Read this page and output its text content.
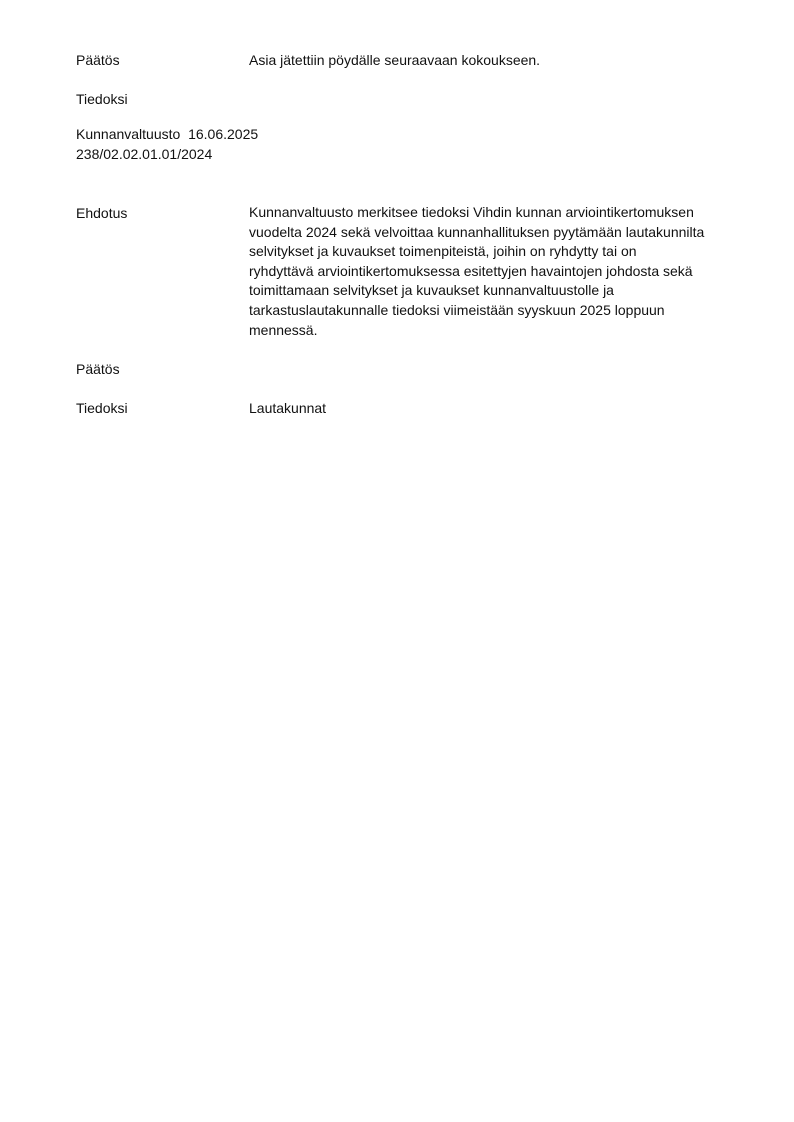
Päätös	Asia jätettiin pöydälle seuraavaan kokoukseen.
Tiedoksi
Kunnanvaltuusto  16.06.2025
238/02.02.01.01/2024
Ehdotus	Kunnanvaltuusto merkitsee tiedoksi Vihdin kunnan arviointikertomuksen
vuodelta 2024 sekä velvoittaa kunnanhallituksen pyytämään lautakunnilta
selvitykset ja kuvaukset toimenpiteistä, joihin on ryhdytty tai on
ryhdyttävä arviointikertomuksessa esitettyjen havaintojen johdosta sekä
toimittamaan selvitykset ja kuvaukset kunnanvaltuustolle ja
tarkastuslautakunnalle tiedoksi viimeistään syyskuun 2025 loppuun
mennessä.
Päätös
Tiedoksi	Lautakunnat
